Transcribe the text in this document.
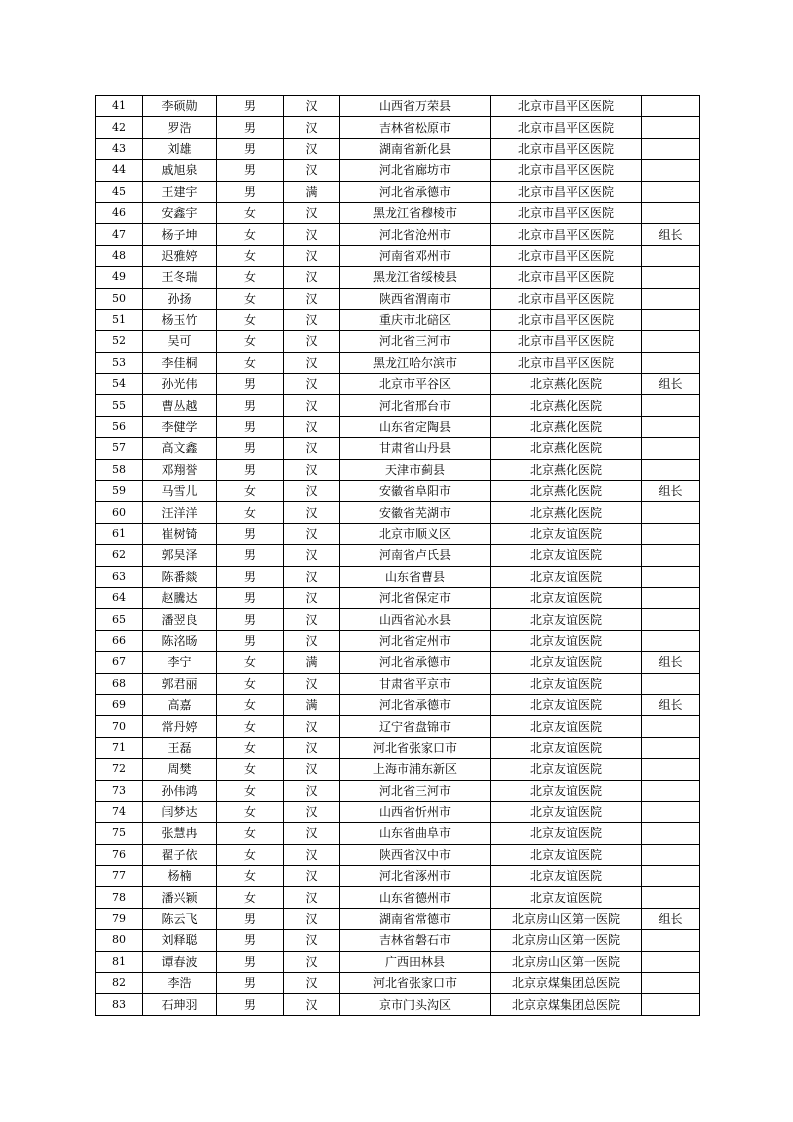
41	李硕勋	男	汉	山西省万荣县	北京市昌平区医院	
42	罗浩	男	汉	吉林省松原市	北京市昌平区医院	
43	刘雄	男	汉	湖南省新化县	北京市昌平区医院	
44	戚旭泉	男	汉	河北省廊坊市	北京市昌平区医院	
45	王建宇	男	满	河北省承德市	北京市昌平区医院	
46	安鑫宇	女	汉	黑龙江省穆棱市	北京市昌平区医院	
47	杨子坤	女	汉	河北省沧州市	北京市昌平区医院	组长
48	迟雅婷	女	汉	河南省邓州市	北京市昌平区医院	
49	王冬瑞	女	汉	黑龙江省绥棱县	北京市昌平区医院	
50	孙扬	女	汉	陕西省渭南市	北京市昌平区医院	
51	杨玉竹	女	汉	重庆市北碚区	北京市昌平区医院	
52	吴可	女	汉	河北省三河市	北京市昌平区医院	
53	李佳桐	女	汉	黑龙江哈尔滨市	北京市昌平区医院	
54	孙光伟	男	汉	北京市平谷区	北京燕化医院	组长
55	曹丛越	男	汉	河北省邢台市	北京燕化医院	
56	李健学	男	汉	山东省定陶县	北京燕化医院	
57	高文鑫	男	汉	甘肃省山丹县	北京燕化医院	
58	邓翔誉	男	汉	天津市蓟县	北京燕化医院	
59	马雪儿	女	汉	安徽省阜阳市	北京燕化医院	组长
60	汪洋洋	女	汉	安徽省芜湖市	北京燕化医院	
61	崔树锜	男	汉	北京市顺义区	北京友谊医院	
62	郭昊泽	男	汉	河南省卢氏县	北京友谊医院	
63	陈番燚	男	汉	山东省曹县	北京友谊医院	
64	赵騰达	男	汉	河北省保定市	北京友谊医院	
65	潘翌良	男	汉	山西省沁水县	北京友谊医院	
66	陈洺旸	男	汉	河北省定州市	北京友谊医院	
67	李宁	女	满	河北省承德市	北京友谊医院	组长
68	郭君丽	女	汉	甘肃省平京市	北京友谊医院	
69	高嘉	女	满	河北省承德市	北京友谊医院	组长
70	常丹婷	女	汉	辽宁省盘锦市	北京友谊医院	
71	王磊	女	汉	河北省张家口市	北京友谊医院	
72	周樊	女	汉	上海市浦东新区	北京友谊医院	
73	孙伟鸿	女	汉	河北省三河市	北京友谊医院	
74	闫梦达	女	汉	山西省忻州市	北京友谊医院	
75	张慧冉	女	汉	山东省曲阜市	北京友谊医院	
76	翟子依	女	汉	陕西省汉中市	北京友谊医院	
77	杨楠	女	汉	河北省涿州市	北京友谊医院	
78	潘兴颖	女	汉	山东省德州市	北京友谊医院	
79	陈云飞	男	汉	湖南省常德市	北京房山区第一医院	组长
80	刘释聪	男	汉	吉林省磐石市	北京房山区第一医院	
81	谭春波	男	汉	广西田林县	北京房山区第一医院	
82	李浩	男	汉	河北省张家口市	北京京煤集团总医院	
83	石珅羽	男	汉	京市门头沟区	北京京煤集团总医院	
